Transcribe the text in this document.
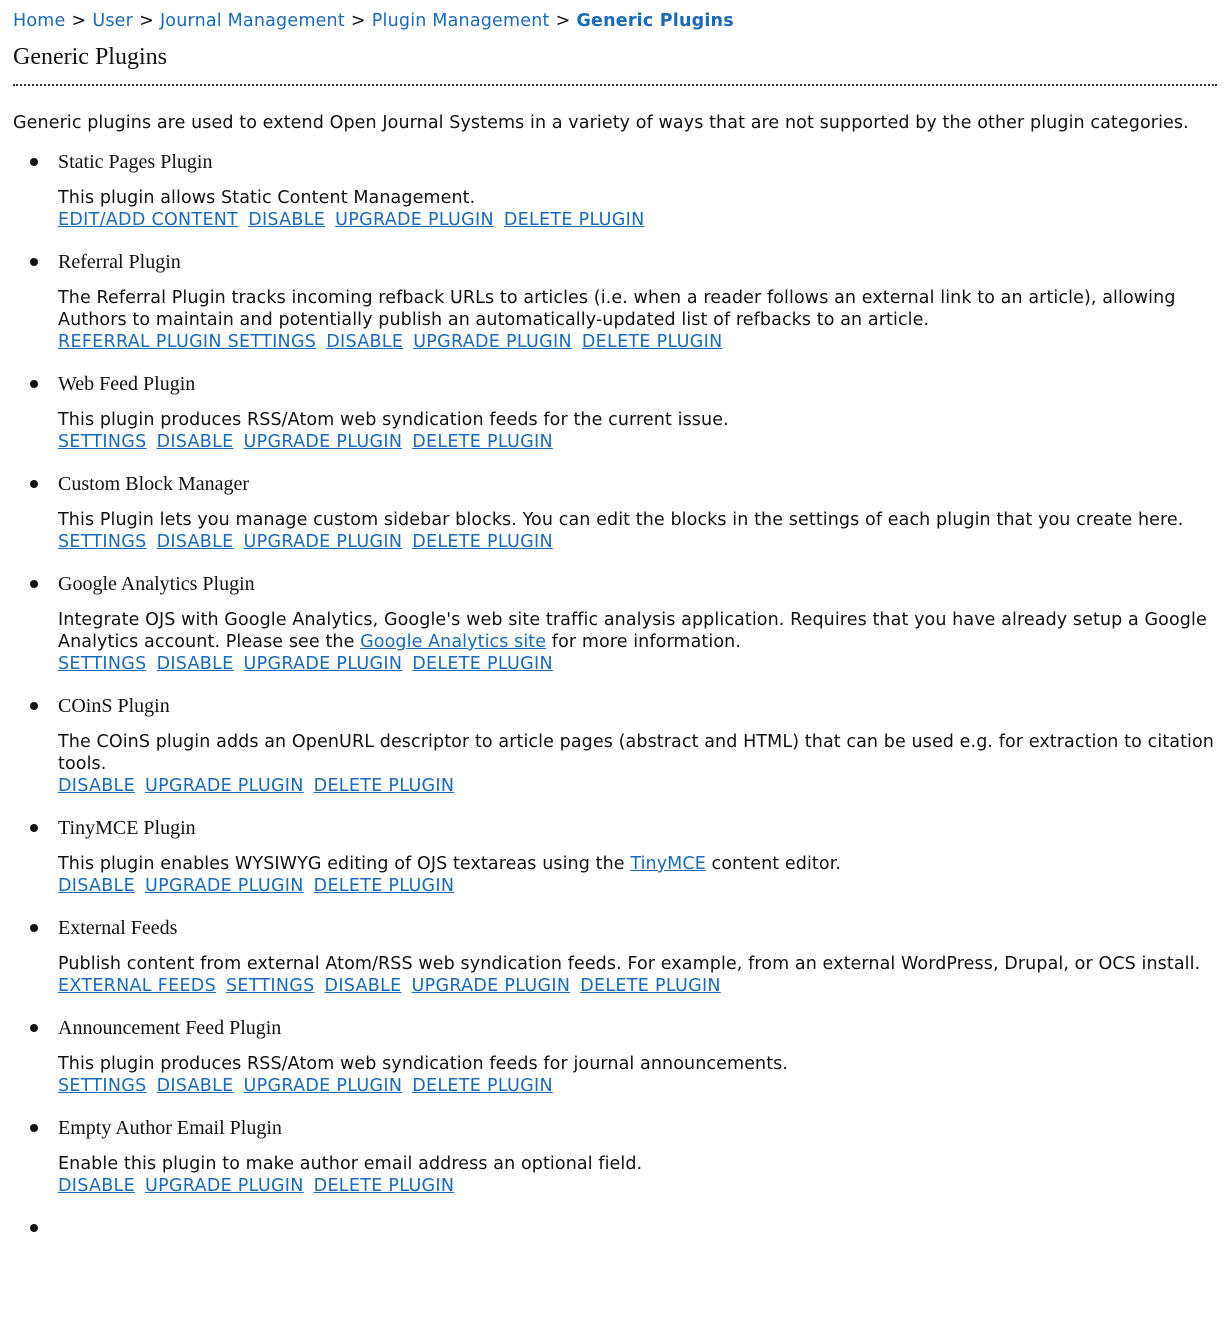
Home > User > Journal Management > Plugin Management > Generic Plugins
Generic Plugins

Generic plugins are used to extend Open Journal Systems in a variety of ways that are not supported by the other plugin categories.

Static Pages Plugin
This plugin allows Static Content Management.
EDIT/ADD CONTENT DISABLE UPGRADE PLUGIN DELETE PLUGIN
Referral Plugin
The Referral Plugin tracks incoming refback URLs to articles (i.e. when a reader follows an external link to an article), allowing Authors to maintain and potentially publish an automatically-updated list of refbacks to an article.
REFERRAL PLUGIN SETTINGS DISABLE UPGRADE PLUGIN DELETE PLUGIN
Web Feed Plugin
This plugin produces RSS/Atom web syndication feeds for the current issue.
SETTINGS DISABLE UPGRADE PLUGIN DELETE PLUGIN
Custom Block Manager
This Plugin lets you manage custom sidebar blocks. You can edit the blocks in the settings of each plugin that you create here.
SETTINGS DISABLE UPGRADE PLUGIN DELETE PLUGIN
Google Analytics Plugin
Integrate OJS with Google Analytics, Google's web site traffic analysis application. Requires that you have already setup a Google Analytics account. Please see the Google Analytics site for more information.
SETTINGS DISABLE UPGRADE PLUGIN DELETE PLUGIN
COinS Plugin
The COinS plugin adds an OpenURL descriptor to article pages (abstract and HTML) that can be used e.g. for extraction to citation tools.
DISABLE UPGRADE PLUGIN DELETE PLUGIN
TinyMCE Plugin
This plugin enables WYSIWYG editing of OJS textareas using the TinyMCE content editor.
DISABLE UPGRADE PLUGIN DELETE PLUGIN
External Feeds
Publish content from external Atom/RSS web syndication feeds. For example, from an external WordPress, Drupal, or OCS install.
EXTERNAL FEEDS SETTINGS DISABLE UPGRADE PLUGIN DELETE PLUGIN
Announcement Feed Plugin
This plugin produces RSS/Atom web syndication feeds for journal announcements.
SETTINGS DISABLE UPGRADE PLUGIN DELETE PLUGIN
Empty Author Email Plugin
Enable this plugin to make author email address an optional field.
DISABLE UPGRADE PLUGIN DELETE PLUGIN
